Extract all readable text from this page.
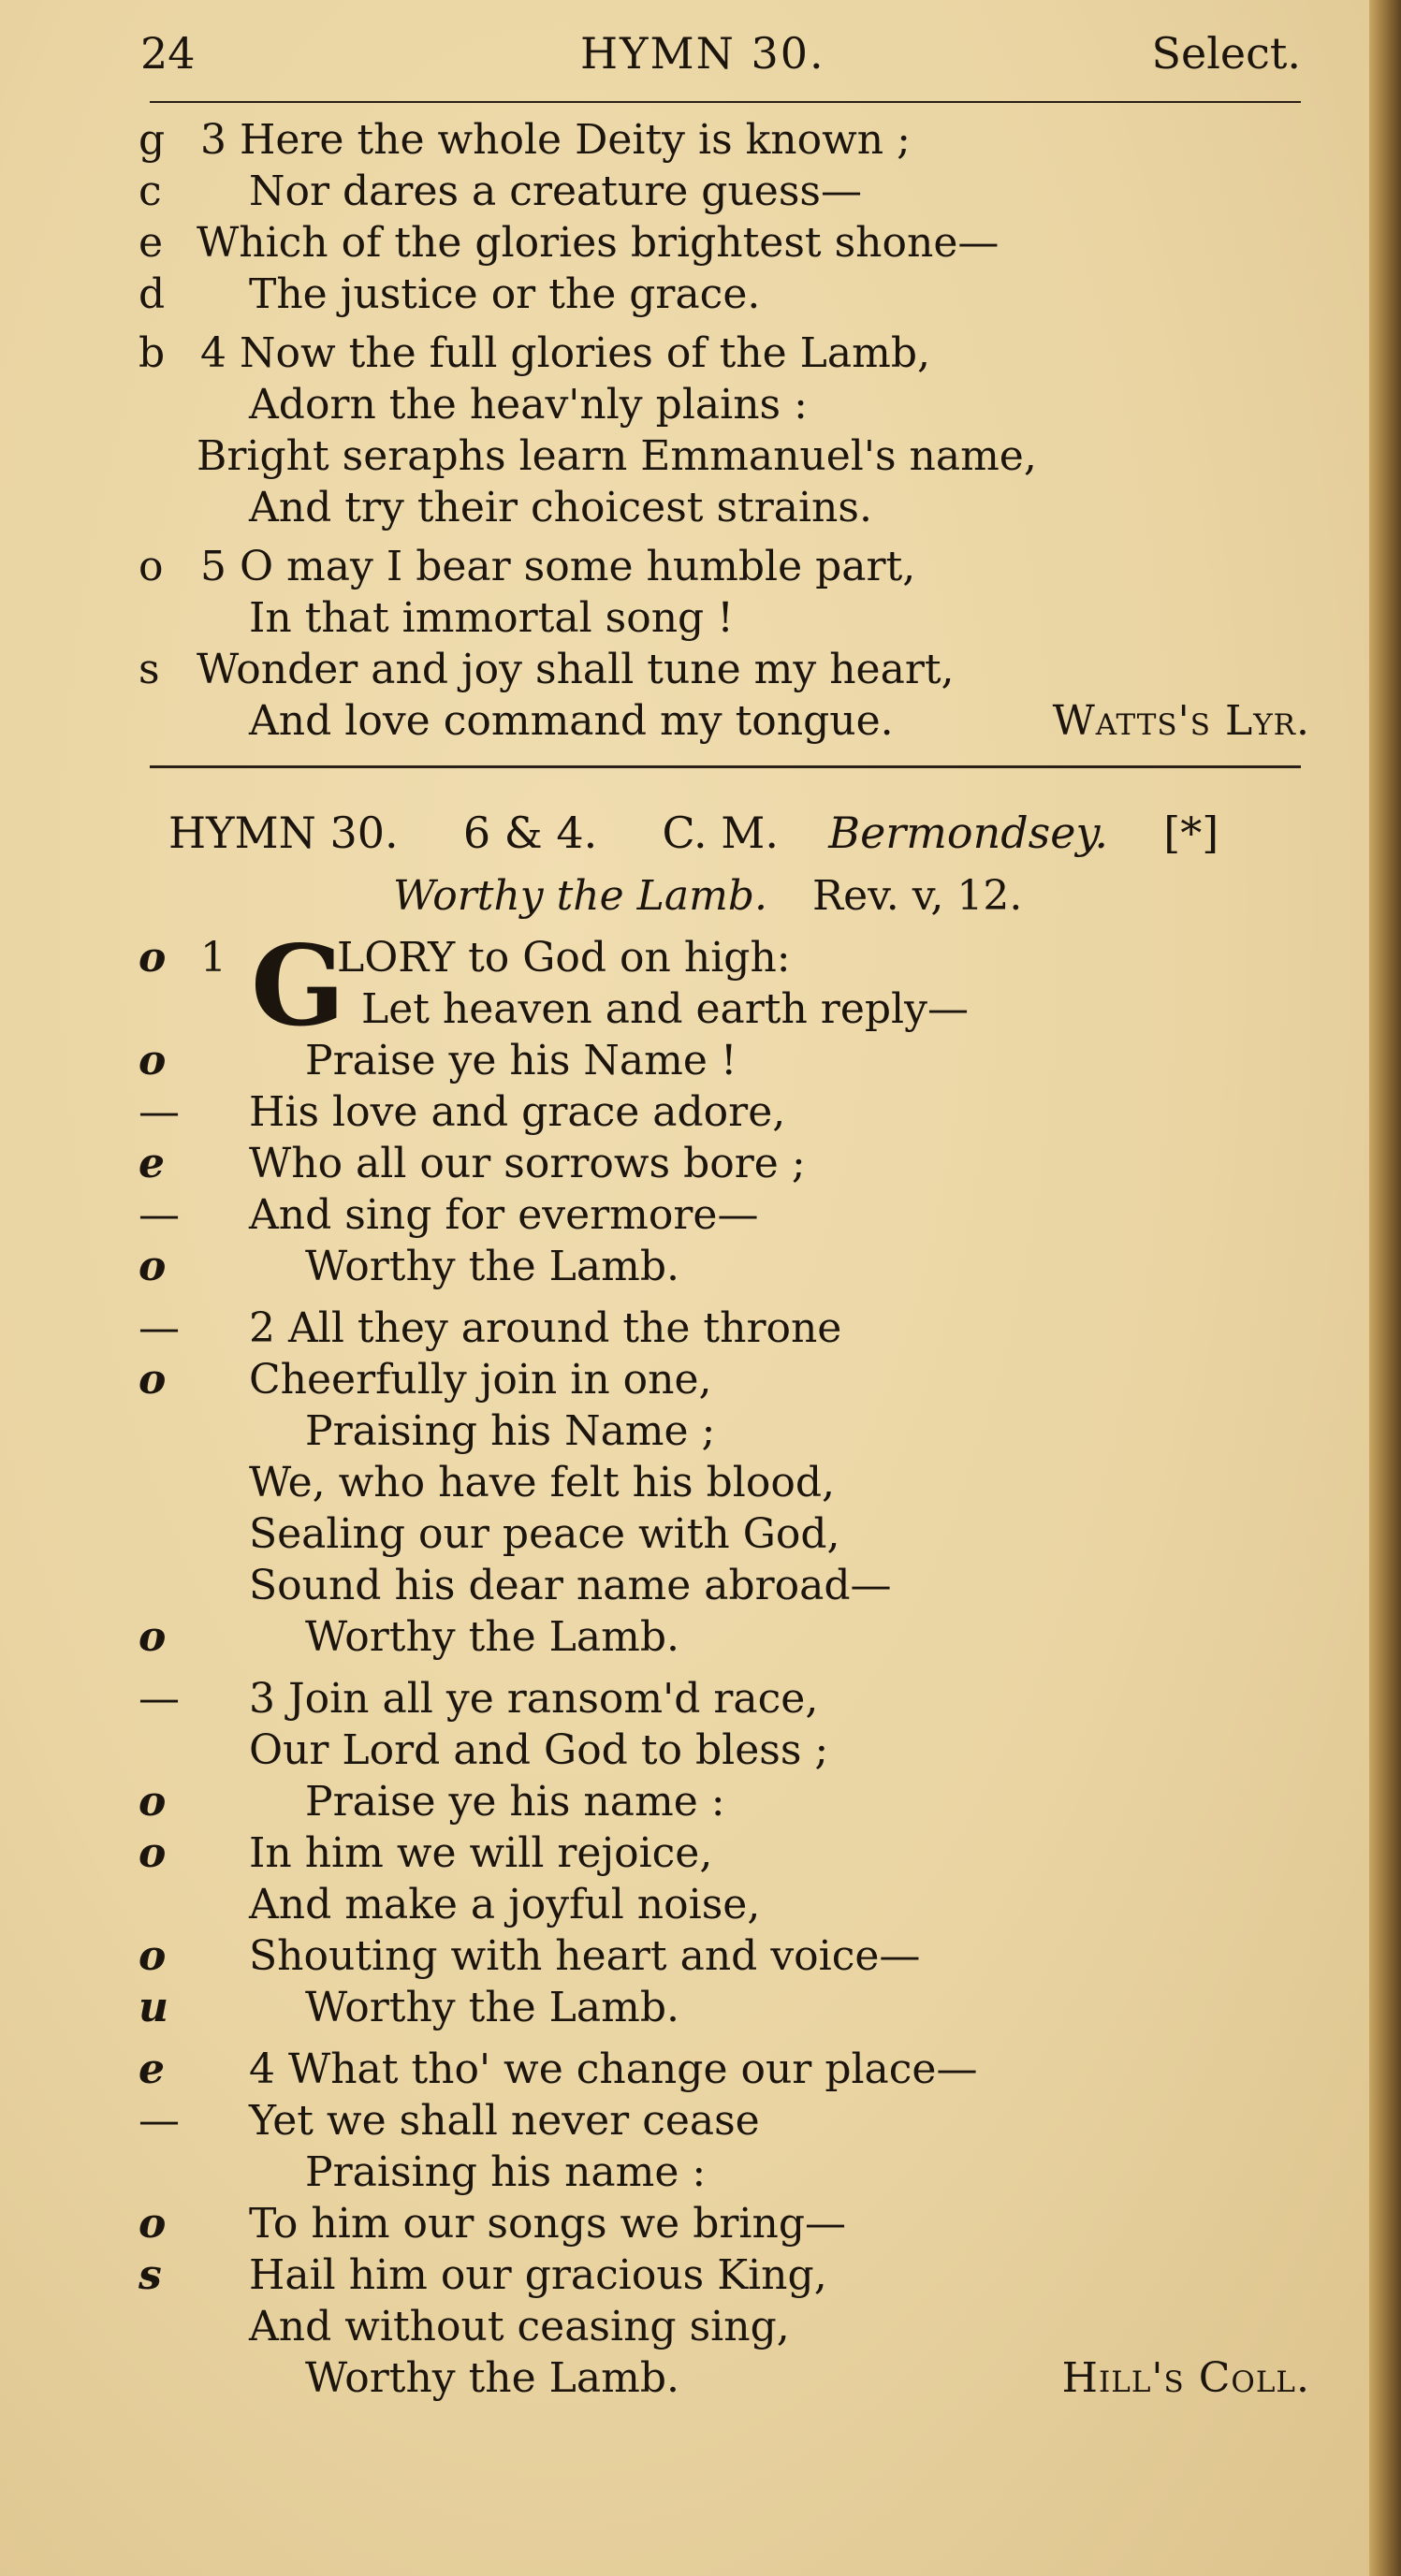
24	HYMN 30.	Select.
g 3 Here the whole Deity is known ;
c	Nor dares a creature guess—
e Which of the glories brightest shone—
d	The justice or the grace.
b 4 Now the full glories of the Lamb,
Adorn the heav'nly plains :
Bright seraphs learn Emmanuel's name,
And try their choicest strains.
o 5 O may I bear some humble part,
In that immortal song !
s Wonder and joy shall tune my heart,
And love command my tongue.	Watts's Lyr.
HYMN 30. 6 & 4. C. M. Bermondsey. [*]
Worthy the Lamb. Rev. v, 12.
G
o	LORY to God on high:
1
Let heaven and earth reply—
o	Praise ye his Name !
—	His love and grace adore,
e	Who all our sorrows bore ;
—	And sing for evermore—
o	Worthy the Lamb.
—	2 All they around the throne
o	Cheerfully join in one,
Praising his Name ;
We, who have felt his blood,
Sealing our peace with God,
Sound his dear name abroad—
o	Worthy the Lamb.
—	3 Join all ye ransom'd race,
Our Lord and God to bless ;
o	Praise ye his name :
o	In him we will rejoice,
And make a joyful noise,
o	Shouting with heart and voice—
u	Worthy the Lamb.
e	4 What tho' we change our place—
—	Yet we shall never cease
Praising his name :
o	To him our songs we bring—
s	Hail him our gracious King,
And without ceasing sing,
Worthy the Lamb.	Hill's Coll.
